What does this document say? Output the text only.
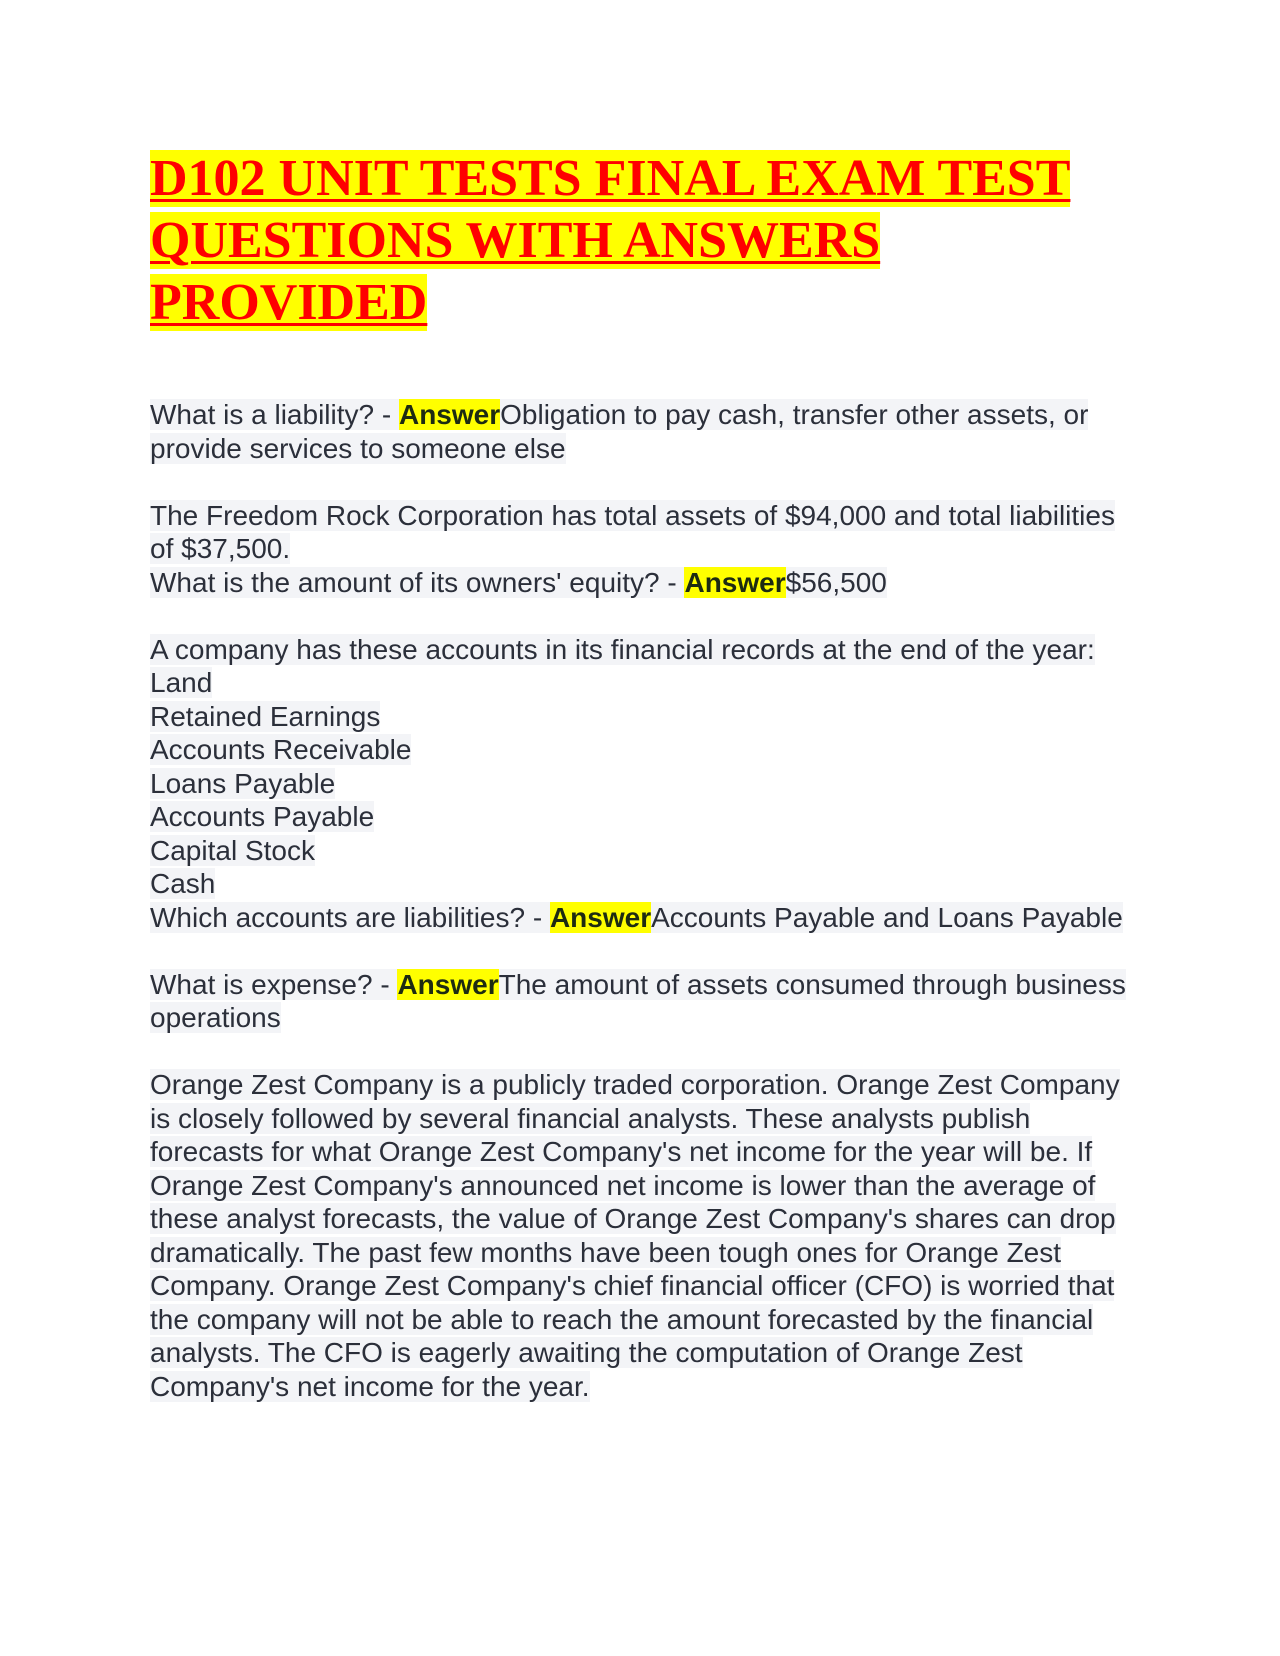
D102 UNIT TESTS FINAL EXAM TEST
QUESTIONS WITH ANSWERS
PROVIDED
What is a liability? - AnswerObligation to pay cash, transfer other assets, or provide services to someone else
The Freedom Rock Corporation has total assets of $94,000 and total liabilities of $37,500.
What is the amount of its owners' equity? - Answer$56,500
A company has these accounts in its financial records at the end of the year:
Land
Retained Earnings
Accounts Receivable
Loans Payable
Accounts Payable
Capital Stock
Cash
Which accounts are liabilities? - AnswerAccounts Payable and Loans Payable
What is expense? - AnswerThe amount of assets consumed through business operations
Orange Zest Company is a publicly traded corporation. Orange Zest Company is closely followed by several financial analysts. These analysts publish forecasts for what Orange Zest Company's net income for the year will be. If Orange Zest Company's announced net income is lower than the average of these analyst forecasts, the value of Orange Zest Company's shares can drop dramatically. The past few months have been tough ones for Orange Zest Company. Orange Zest Company's chief financial officer (CFO) is worried that the company will not be able to reach the amount forecasted by the financial analysts. The CFO is eagerly awaiting the computation of Orange Zest Company's net income for the year.
